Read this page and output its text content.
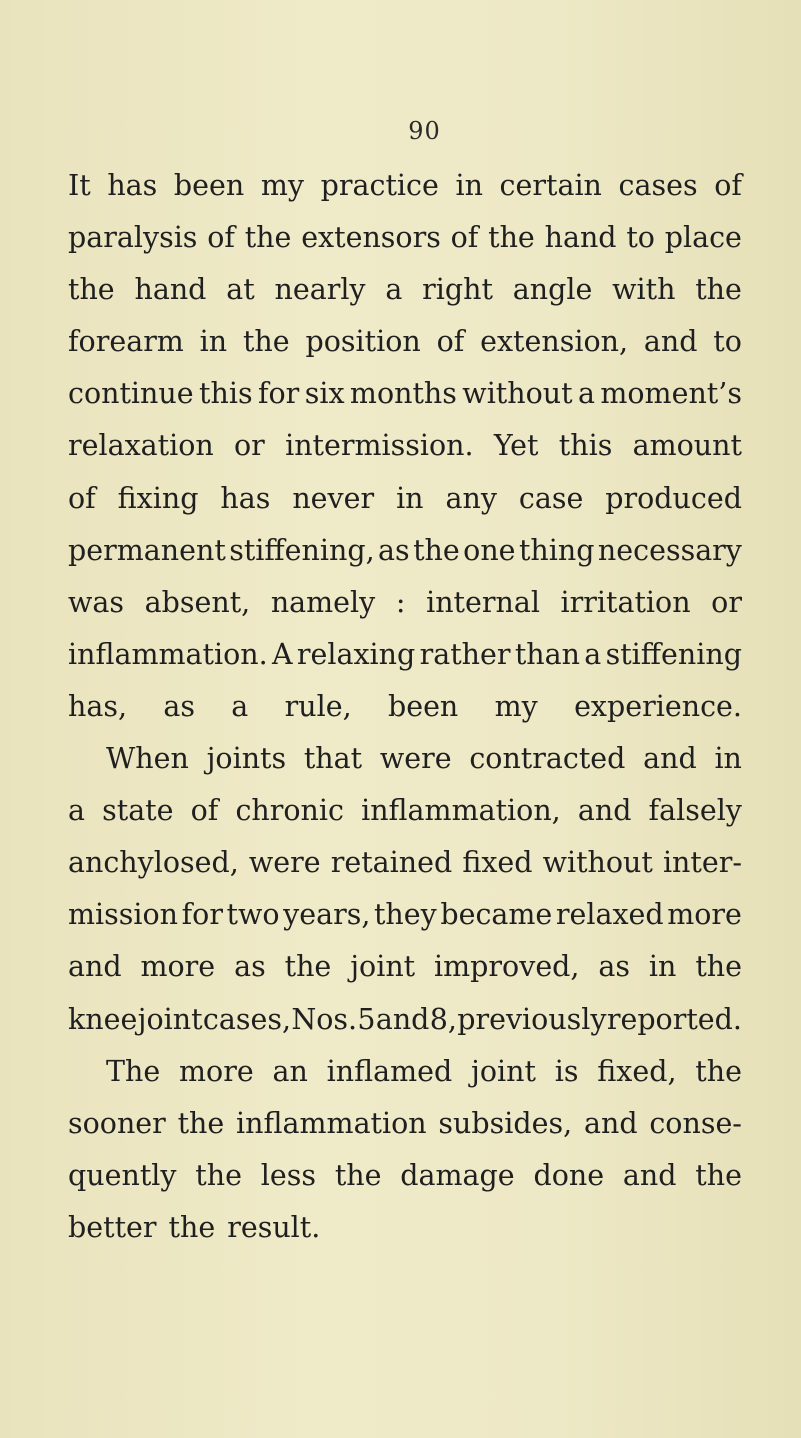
90
It has been my practice in certain cases of
paralysis of the extensors of the hand to place
the hand at nearly a right angle with the
forearm in the position of extension, and to
continue this for six months without a moment’s
relaxation or intermission. Yet this amount
of fixing has never in any case produced
permanent stiffening, as the one thing necessary
was absent, namely : internal irritation or
inflammation. A relaxing rather than a stiffening
has, as a rule, been my experience.
When joints that were contracted and in
a state of chronic inflammation, and falsely
anchylosed, were retained fixed without inter-
mission for two years, they became relaxed more
and more as the joint improved, as in the
knee joint cases, Nos. 5 and 8, previously reported.
The more an inflamed joint is fixed, the
sooner the inflammation subsides, and conse-
quently the less the damage done and the
better the result.
